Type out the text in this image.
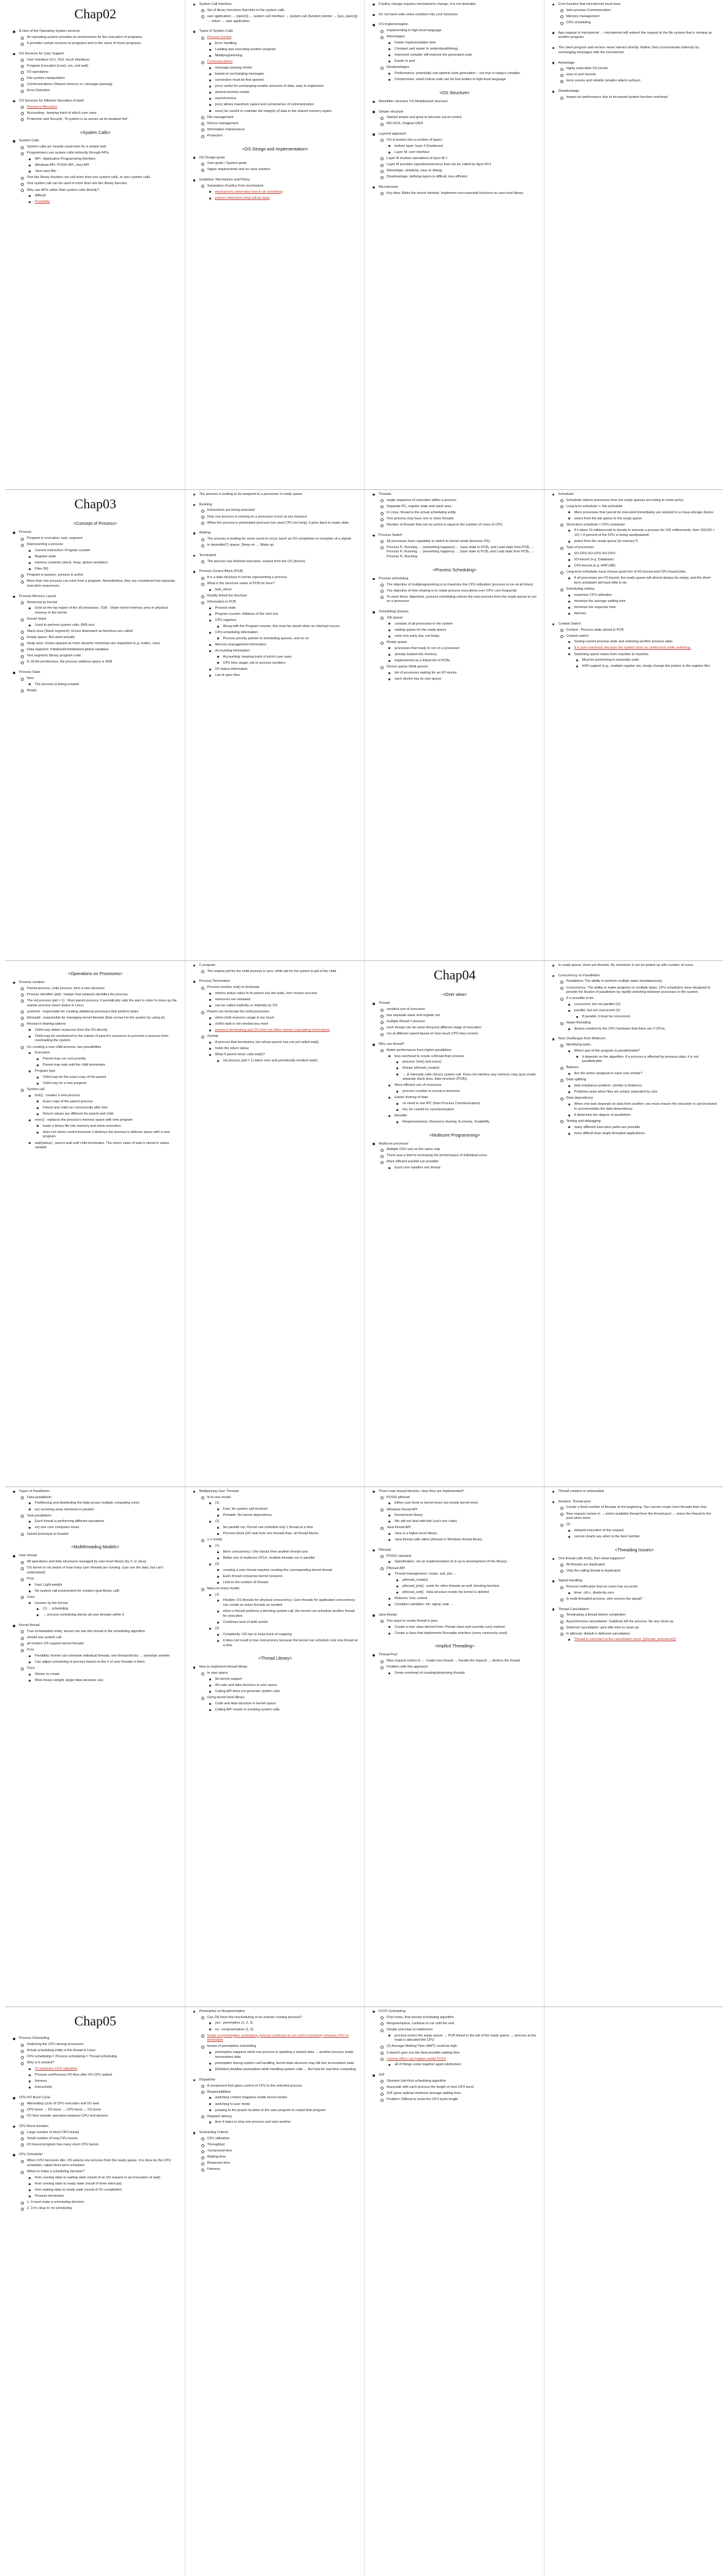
Chap02
A view of the Operating System services
An operating system provides an environment for the execution of programs.
It provides certain services to programs and to the users of those programs.
OS Services for User Support
User Interface (CLI, GUI, touch interface)
Program Execution (Load, run, end well)
I/O operations
File-system manipulation
Communications (Shared memory or, message passing)
Error Detection
OS Services for Efficient Operation of itself
Resource Allocation
Accounting : keeping track of which user uses
Protection and Security: "A system is as secure as its weakest link"
<System Calls>
System Calls
System calls are heavily used even for a simple task
Programmers use system calls indirectly through APIs
API : Application Programming Interface
Windows API, POSIX API, Java API
Java uses libc
One libc library function can call more than one system calls, or zero system calls.
One system call can be used in more than one libc library function.
Why use APIs rather than system calls directly?
difficult
Portability
System Call Interface
Set of library functions that links to the system calls
user application → [open()] → system call interface → system call (function pointer → [sys_open()]) → return → user application
Types of System Calls
Process Control
Error handling
Loading and executing another program
Multiprogramming
Communications
message passing model
based on exchanging messages
connection must be first opened
proc) useful for exchanging smaller amounts of data, easy to implement
shared-memory model
asynchronous
proc) allows maximum speed and convenience of communication
cons) be careful to maintain the integrity of data in the shared memory region
File management
Device management
Information maintenance
Protection
<OS Design and Implementation>
OS Design goals
User goals / System goals
Vague requirements and no clear solution
Guideline: Mechanism and Policy
Separation of policy from mechanism
mechanisms determine how to do something
policies determine what will be done
If policy change requires mechanisms change, it is not desirable.
Do not hard-code some numbers into your functions.
OS Implementation
Implementing in high-level language
Advantages
Faster implementation time
Compact and easier to understand/debug
Improved compiler will improve the generated code
Easier to port
Disadvantages
Performance: potentially sub-optimal code generation – not true in today's compiler
Compromise: small critical code can be first written in high-level language
<OS Structure>
Monolithic structure VS Modularized structure
Simple structure
Started simple and grow to become out-of-control
MS-DOS, Original UNIX
Layered approach
OS is broken into a number of layers
bottom layer: layer 0 (hardware)
Layer M: user interface
Layer M invokes operations of layer M-1
Layer M provides operations(service) that can be called by layer M+1
Advantage: simplicity, easy to debug
Disadvantage: defining layers is difficult, less efficient
Microkernels
Key idea: Make the kernel minimal. Implement non-essential functions as user-level library
Core function that microkernel must have
Inter-process Communication
Memory management
CPU scheduling
App request to microkernel → microkernel will redirect the request to the file system that is running as another program.
The client program and service never interact directly. Rather, they communicate indirectly by exchanging messages with the microkernel.
Advantage
highly extensible OS kernel
easy to port kernels
more secure and reliable (smaller attack surface)
Disadvantage
Impact on performance due to increased system function overhead
Chap03
<Concept of Process>
Process
Program in execution, task, segment
Representing a process
Current instruction: Program counter
Register state
memory contents (stack, heap, global variables)
Files (fd)
Program is passive, process is active
More than one process can exist from a program. Nevertheless, they are considered two separate execution sequences.
Process Memory Layout
Reserved by Kernel
Exist at the top region of the all processes. 1GB - Share kernel memory area in physical memory in the kernel.
Kernel Stack
Used to perform system calls, 8KB size
Stack area (Stack segment): Grows downward as functions are called
Empty space: Not used actually
Heap area: Grows upward as more dynamic memories are requested (e.g. malloc, new)
Data segment: Initialized/Uninitialized global variables
Text segment: Binary program code
In 32-bit architecture, the process address space is 4GB
Process State
New
The process is being created
Ready
The process is waiting to be assigned to a processor in ready queue
Running
Instructions are being executed
Only one process is running on a processor (core) at any instance
When the process is preempted (process has used CPU too long), it goes back to ready state.
Waiting
The process is waiting for some event to occur (such as I/O completion or reception of a signal)
In desirable(?) queue, Sleep on → Wake up
Terminated
The process has finished execution, erased from the OS (kernel).
Process Control Block (PCB)
It is a data structure in kernel representing a process.
What is the structure name of PCB for linux?
task_struct
Doubly linked list structure
Information in PCB
Process state
Program counter: Address of the next inst.
CPU registers
Along with the Program counter, this must be saved when an interrupt occurs.
CPU-scheduling information
Process priority, pointer to scheduling queues, and so on
Memory-management information
Accounting information
Accounting: keeping track of which user uses
CPU time usage, job or process numbers
I/O status information
List of open files
Threads
single sequence of execution within a process
Separate PC, register state and stack area
In Linux, thread is the actual scheduling entity
One process may have one or more threads
Number of threads that can be active is equal to the number of cores of CPU
Process Switch
All processes have capability to switch to kernel mode (become OS).
Process P₀ Running → (something happens) → Save state to PCB₀ and Load state from PCB₁ → Process P₁ Running → (something happens) → Save state to PCB₁ and Load state from PCB₀ → Process P₀ Running
<Process Scheduling>
Process scheduling
The objective of multiprogramming is to maximize the CPU utilization (process to run at all times)
The objective of time sharing is to rotate process executions over CPU core frequently
To meet these objectives, process scheduling selects the next process from the ready queue to run on a processor
Scheduling Queues
Job queue
consists of all processes in the system
waiting queue for the ready queue
exist only early day, not today
Ready queue
processes that ready to run on a processor
already loaded into memory
implemented as a linked list of PCBs
Device queue (Wait queue)
list of processes waiting for an I/O device
each device has its own queue
Scheduler
Scheduler selects processes from the ready queues according to some policy
Long-term scheduler = Job scheduler
More processes that cannot be executed immediately are spooled to a mass-storage device.
select from the job queue to the ready queue
Short-term scheduler = CPU scheduler
If it takes 10 milliseconds to decide to execute a process for 100 milliseconds, then 10/(100 + 10) = 9 percent of the CPU is being used(wasted)
select from the ready queue (to memory?)
Type of processes
I/O-CPU-I/O-CPU-I/O-CPU-
I/O-bound (e.g. Database)
CPU-bound (e.g. MATLAB)
Long-term scheduler must choose good mix of I/O-bound and CPU-bound jobs.
If all processes are I/O bound, the ready queue will almost always be empty, and the short-term scheduler will have little to do.
Scheduling criteria
maximize CPU utilization
minimize the average waiting time
minimize the response time
fairness
Context Switch
Context : Process state stored in PCB
Context switch
Saving current process state and restoring another process state.
It is pure overhead, because the system does no useful work while switching.
Switching speed varies from machine to machine
Must be performing in assembly code
H/W support (e.g., multiple register set, simply change the pointer to the register file)
<Operations on Processes>
Process creation
Parent process, child process, form a tree structure.
Process identifier (pid) : integer that uniquely identifies the process
The init process (pid = 1) : Root parent process. It periodically calls the wait in order to clean up the orphan process return status in Linux.
systemd : responsible for creating additional processes that perform tasks
kthreadd : responsible for managing kernel threads (that connect to the system by using pt)
Resource sharing options
Child may obtain resources from the OS directly
Child may be constrained to the subset of parent's resources to prevents a process from overloading the system.
On creating a new child process, two possibilities
Execution
Parent may run concurrently
Parent may wait until the child terminates
Program type
Child may be the exact copy of the parent
Child may be a new program
System call
fork() : creates a new process
Exact copy of the parent process
Parent and child run concurrently after fork
Return values are different for parent and child
exec() : replaces the process's memory space with new program
loads a binary file into memory and starts execution.
does not return control because it destroys the previous's address space with a new program
wait(status) : parent wait until child terminates. The return value of wait is stored in status variable
C program
The relative pid for the child process is zero, while pid for the parent is pid of the child.
Process Termination
Process invokes exit() to terminate
returns status value to its parent (via the wait), zero means success
resources are released
can be called explicitly or implicitly by OS
Parent can terminate the child processes
when child resource usage is too much
child's task is not needed any more
parent is terminating and OS does not allow orphan (cascading termination)
Zombie
A process that terminated, but whose parent has not yet called wait()
holds the return status
What if parent never calls wait()?
init process (pid = 1) takes over and periodically invoked wait().
Chap04
<Over view>
Thread
smallest unit of execution
has separate stack and register set
multiple thread = process
each thread can do same thing but different stage of execution
run at different speed based on how much CPU they receive
Why use thread?
Better performance from higher parallelism
less overhead to create a thread than process
process: fork() and exec()
thread: pthread_create()
→ & internally calls clone() system call. Does not interfere any memory copy (just create separate stack area, data structure (PCB)).
More efficient use of resources
process creation is resource-intensive
Easier sharing of data
no need to use IPC (Inter Process Communication)
but, be careful for synchronization
Benefits
Responsiveness, Resource sharing, Economy, Scalability
<Multicore Programming>
Multicore processor
Multiple CPU unit on the same chip
There was a limit to increasing the performance of individual cores
More efficient parallel run possible
Each core handles one thread
In ready queue, there are threads. By scheduler it can be picked up with number of cores.
Concurrency vs Parallelism
Parallelism: The ability to perform multiple tasks simultaneously
Concurrency: The ability to make progress on multiple tasks. CPU schedulers were designed to provide the illusion of parallelism by rapidly switching between processes in the system.
It is possible to be
concurrent, but not parallel (O)
parallel, but not concurrent (X)
If parallel, it must be concurrent.
Hyper-threading
illusion created by the CPU hardware that there are 2 CPUs.
New Challenges from Multicore
Identifying tasks
Which part of the program is parallelizable?
it depends on the algorithm. If a process is affected by previous data, it is not parallelizable
Balance
Are the works assigned to each core similar?
Data splitting
data imbalance problem. (similar to Balance)
Problems arise when files are simply separated by size
Data dependency
When one task depends on data from another, you must ensure the execution is synchronized to accommodate the data dependency.
It determine the degree of parallelism
Testing and debugging
many different execution paths are possible
more difficult than single-threaded applications.
Types of Parallelism
Data parallelism
Partitioning and distributing the data across multiple computing cores
ex) summing array elements in parallel
Task parallelism
Each thread is performing different operations
ex) one core computes mean
Hybrid technique is headed
<Multithreading Models>
User thread
All operations and data structures managed by user-level library (by C or Java)
OS kernel is not aware of how many user threads are running. (can see the data, but can't understand)
Pros
Fast, Light-weight
No system call involvement for creation (just library call)
Cons
Unseen by the Kernel
(1) ... scheduling
→ process scheduling blocks all user threads within it
Kernel thread
True schedulable entity: kernel can see this thread in the scheduling algorithm
should use system call
all modern OS support kernel threads
Pros
Flexibility: Kernel can schedule individual threads, one thread blocks → schedule another
Can adjust scheduling of process based on the # of user threads in them
Cons
Slower to create
More heavy-weight, larger data structure size
Multiplexing User Threads
N-to-one model
(1)
Fast. No system call involved
Portable: No kernel dependency
(2)
No parallel run. Kernel can schedule only 1 thread at a time
Process block (I/O wait from one thread) than, all thread blocks
1-1 model
(1)
More concurrency: One blocks then another thread runs
Better use of multicore CPUs: multiple threads run in parallel
(2)
creating a user thread requires creating the corresponding kernel thread
Each thread consumes kernel resource
Limit to the number of threads
Many-to-many model
(1)
Flexible: OS threads for physical concurrency. User threads for application concurrency: can create as many threads as needed
when a thread performs a blocking system call, the kernel can schedule another thread for execution
Combines best of both worlds
(2)
Complexity: OS has to keep track of mapping
it does not result in true concurrency because the kernel can schedule only one thread at a time
<Thread Library>
How to implement thread library
In user space
No kernel support
All code and data structure in user space
Calling API does not generate system calls
Using kernel-level library
Code and data structure in kernel space
Calling API results in invoking system calls
Three main thread libraries. How they are implemented?
POSIX pthread
Either user-level or kernel-level, but mostly kernel-level
Windows thread API
Kernel-level library
We will not deal with this (can't see code)
Java thread API
Java is a higher-level library
Java thread calls either pthread or Windows thread library
Pthread
POSIX standard
Specification, not an implementation (it is up to development of the library)
Pthread API
Thread management: create, exit, join ...
pthread_create()
pthread_join() : waits for other threads as well, blocking function
pthread_exit() : data structure inside the kernel is deleted
Mutexes: lock, unlock
Condition variables: init, signal, wait, ...
Java thread
Two ways to create thread in java
Create a new class derived from Thread class and override run() method
Create a class that implements Runnable interface (more commonly used)
<Implicit Threading>
Thread Pool
New request comes in → create new thread → handle the request → destroy the thread
Problem with this approach
Some overhead of creating/destroying threads
Thread creation is unbounded
Solution: Thread pool
Create a fixed number of threads at the beginning. You cannot create more threads than that.
New request comes in → select available thread from the thread pool → return the thread to the pool when done
(2)
delayed execution of the request
cannot clearly say when is the best number
<Threading Issues>
One thread calls fork(), then what happens?
All threads are duplicated
Only the calling thread is duplicated
Signal Handling
Process notification that an event has occurred
timer, ctrl-c, divide-by-zero
In multi-threaded process, who receive the signal?
Thread Cancellation
Terminating a thread before completion
Asynchronous cancellation: Suddenly kill the process. No any clean up
Deferred cancellation: give little time to clean up
In pthread, default is deferred cancellation
Thread is cancelled at the cancellation point. (pthread_testcancel())
Chap05
Process Scheduling
Switching the CPU among processes
Actual scheduling entity is the thread in Linux
CPU scheduling = Process scheduling = Thread scheduling
Why is it needed?
To maximize CPU utilization
Process run/Process I/O-Run after I/O-CPU waited
fairness
interactivity
CPU-I/O Burst Cycle
Alternating cycle of CPU execution and I/O wait
CPU burst → I/O burst → CPU burst → I/O burst
I/O time transfer operation between CPU and devices
CPU Burst duration
Large number of short CPU bursts
Small number of long CPU bursts
I/O bound program has many short CPU bursts
CPU Scheduler
When CPU becomes idle, OS selects one process from the ready queue. It is done by the CPU scheduler, called short-term scheduler
When to make a scheduling decision?
from running state to waiting state (result of an I/O request or an invocation of wait)
from running state to ready state (result of timer interrupt)
from waiting state to ready state (result of I/O completion)
Process terminates
1, 4 must make a scheduling decision.
2, 3 it's okay to no scheduling
Preemptive vs Nonpreemptive
Can OS force the rescheduling of an actively running process?
yes : preemptive (1, 2, 3)
no : nonpreemptive (1, 4)
Under nonpreemptive scheduling, process continues to run until it voluntarily releases CPU or terminates
Issues of preemptive scheduling
preemption happens while one process is updating a shared data → another process reads inconsistent data
preemption during system call handling, kernel data structure may fall into inconsistent state
[Solution] disallow preemption while handling system calls → But bad for real-time computing
Dispatcher
A component that gives control of CPU to the selected process
Responsibilities
switching context (happens inside kernel mode)
switching to user mode
jumping to the proper location in the user program to restart that program
Dispatch latency
time it takes to stop one process and start another
Scheduling Criteria
CPU utilization
Throughput
Turnaround time
Waiting time
Response time
Fairness
FCFS Scheduling
First-come, first-served scheduling algorithm
Nonpreemptive, continue to run until the end
Simple and easy to implement
process enters the ready queue → PCB linked to the tail of the ready queue → process at the head is allocated the CPU
(2) Average Waiting Time (AWT) could be high
It doesn't give you the best possible waiting time
Convoy effect can happen under FCFS
all of things come together again (defective)
SJF
Shortest-Job-First scheduling algorithm
Associate with each process the length of next CPU burst
SJF gives optimal minimum average waiting time.
Problem: Difficult to know the CPU burst length
